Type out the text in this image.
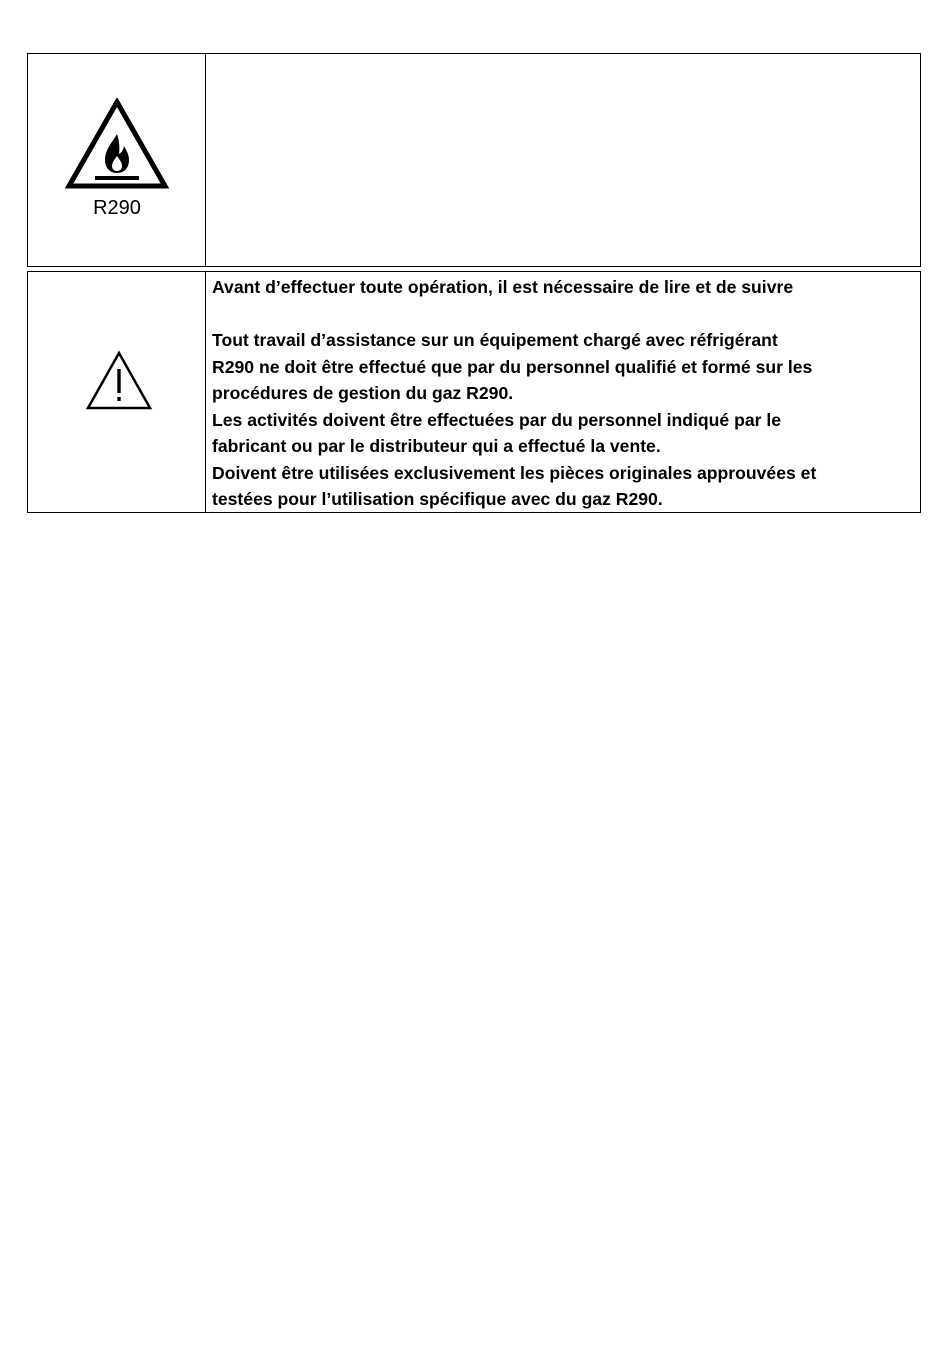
R290

Avant d’effectuer toute opération, il est nécessaire de lire et de suivre

Tout travail d’assistance sur un équipement chargé avec réfrigérant

R290 ne doit être effectué que par du personnel qualifié et formé sur les

procédures de gestion du gaz R290.

Les activités doivent être effectuées par du personnel indiqué par le

fabricant ou par le distributeur qui a effectué la vente.

Doivent être utilisées exclusivement les pièces originales approuvées et

testées pour l’utilisation spécifique avec du gaz R290.
